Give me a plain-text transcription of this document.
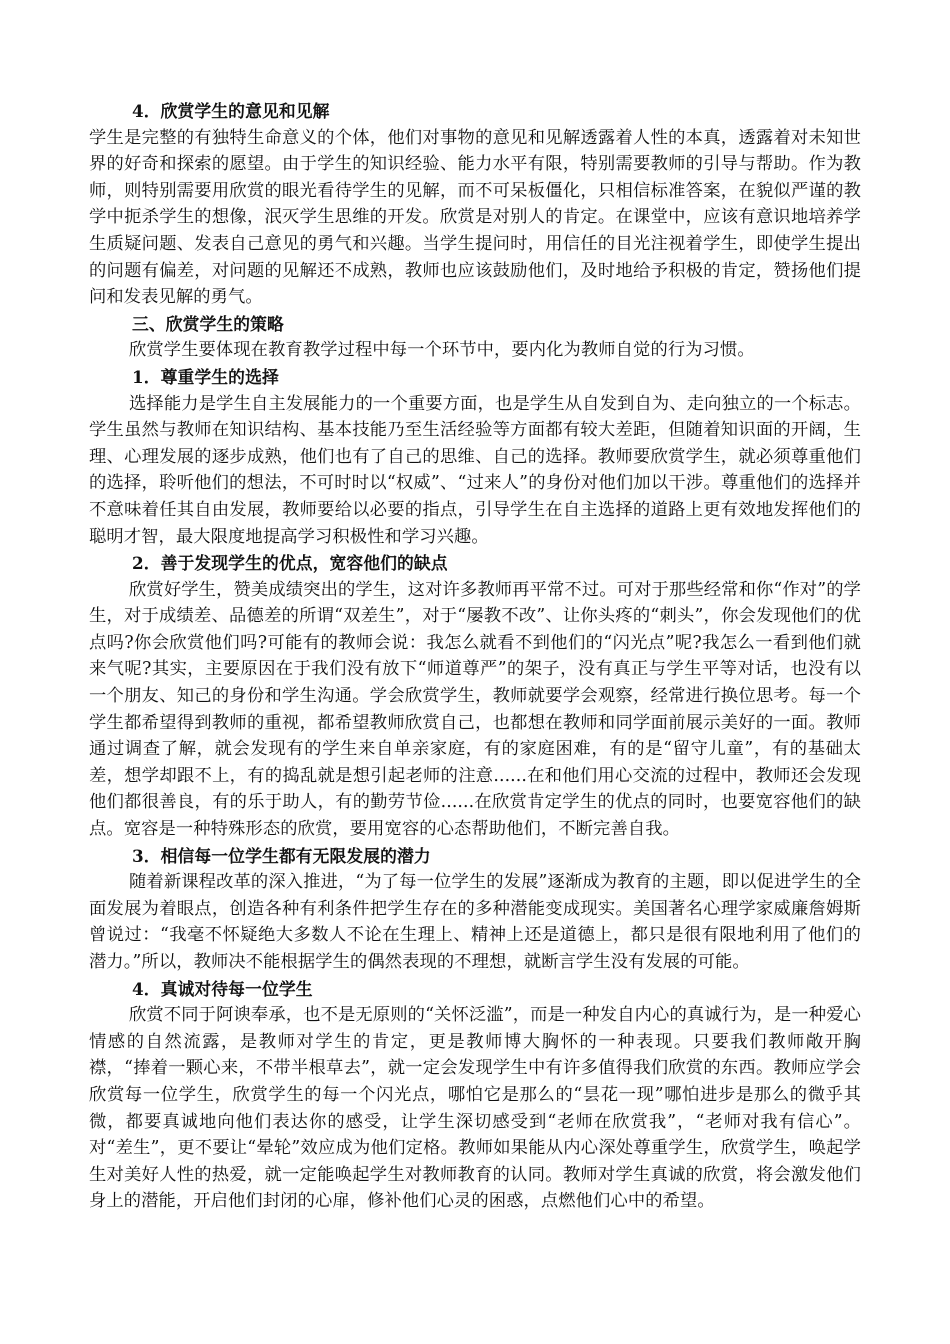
4．欣赏学生的意见和见解

学生是完整的有独特生命意义的个体，他们对事物的意见和见解透露着人性的本真，透露着对未知世界的好奇和探索的愿望。由于学生的知识经验、能力水平有限，特别需要教师的引导与帮助。作为教师，则特别需要用欣赏的眼光看待学生的见解，而不可呆板僵化，只相信标准答案，在貌似严谨的教学中扼杀学生的想像，泯灭学生思维的开发。欣赏是对别人的肯定。在课堂中，应该有意识地培养学生质疑问题、发表自己意见的勇气和兴趣。当学生提问时，用信任的目光注视着学生，即使学生提出的问题有偏差，对问题的见解还不成熟，教师也应该鼓励他们，及时地给予积极的肯定，赞扬他们提问和发表见解的勇气。

三、欣赏学生的策略

欣赏学生要体现在教育教学过程中每一个环节中，要内化为教师自觉的行为习惯。

1．尊重学生的选择

选择能力是学生自主发展能力的一个重要方面，也是学生从自发到自为、走向独立的一个标志。学生虽然与教师在知识结构、基本技能乃至生活经验等方面都有较大差距，但随着知识面的开阔，生理、心理发展的逐步成熟，他们也有了自己的思维、自己的选择。教师要欣赏学生，就必须尊重他们的选择，聆听他们的想法，不可时时以“权威”、“过来人”的身份对他们加以干涉。尊重他们的选择并不意味着任其自由发展，教师要给以必要的指点，引导学生在自主选择的道路上更有效地发挥他们的聪明才智，最大限度地提高学习积极性和学习兴趣。

2．善于发现学生的优点，宽容他们的缺点

欣赏好学生，赞美成绩突出的学生，这对许多教师再平常不过。可对于那些经常和你“作对”的学生，对于成绩差、品德差的所谓“双差生”，对于“屡教不改”、让你头疼的“刺头”，你会发现他们的优点吗?你会欣赏他们吗?可能有的教师会说：我怎么就看不到他们的“闪光点”呢?我怎么一看到他们就来气呢?其实，主要原因在于我们没有放下“师道尊严”的架子，没有真正与学生平等对话，也没有以一个朋友、知己的身份和学生沟通。学会欣赏学生，教师就要学会观察，经常进行换位思考。每一个学生都希望得到教师的重视，都希望教师欣赏自己，也都想在教师和同学面前展示美好的一面。教师通过调查了解，就会发现有的学生来自单亲家庭，有的家庭困难，有的是“留守儿童”，有的基础太差，想学却跟不上，有的捣乱就是想引起老师的注意......在和他们用心交流的过程中，教师还会发现他们都很善良，有的乐于助人，有的勤劳节俭......在欣赏肯定学生的优点的同时，也要宽容他们的缺点。宽容是一种特殊形态的欣赏，要用宽容的心态帮助他们，不断完善自我。

3．相信每一位学生都有无限发展的潜力

随着新课程改革的深入推进，“为了每一位学生的发展”逐渐成为教育的主题，即以促进学生的全面发展为着眼点，创造各种有利条件把学生存在的多种潜能变成现实。美国著名心理学家威廉詹姆斯曾说过：“我毫不怀疑绝大多数人不论在生理上、精神上还是道德上，都只是很有限地利用了他们的潜力。”所以，教师决不能根据学生的偶然表现的不理想，就断言学生没有发展的可能。

4．真诚对待每一位学生

欣赏不同于阿谀奉承，也不是无原则的“关怀泛滥”，而是一种发自内心的真诚行为，是一种爱心情感的自然流露，是教师对学生的肯定，更是教师博大胸怀的一种表现。只要我们教师敞开胸襟，“捧着一颗心来，不带半根草去”，就一定会发现学生中有许多值得我们欣赏的东西。教师应学会欣赏每一位学生，欣赏学生的每一个闪光点，哪怕它是那么的“昙花一现”哪怕进步是那么的微乎其微，都要真诚地向他们表达你的感受，让学生深切感受到“老师在欣赏我”，“老师对我有信心”。对“差生”，更不要让“晕轮”效应成为他们定格。教师如果能从内心深处尊重学生，欣赏学生，唤起学生对美好人性的热爱，就一定能唤起学生对教师教育的认同。教师对学生真诚的欣赏，将会激发他们身上的潜能，开启他们封闭的心扉，修补他们心灵的困惑，点燃他们心中的希望。
